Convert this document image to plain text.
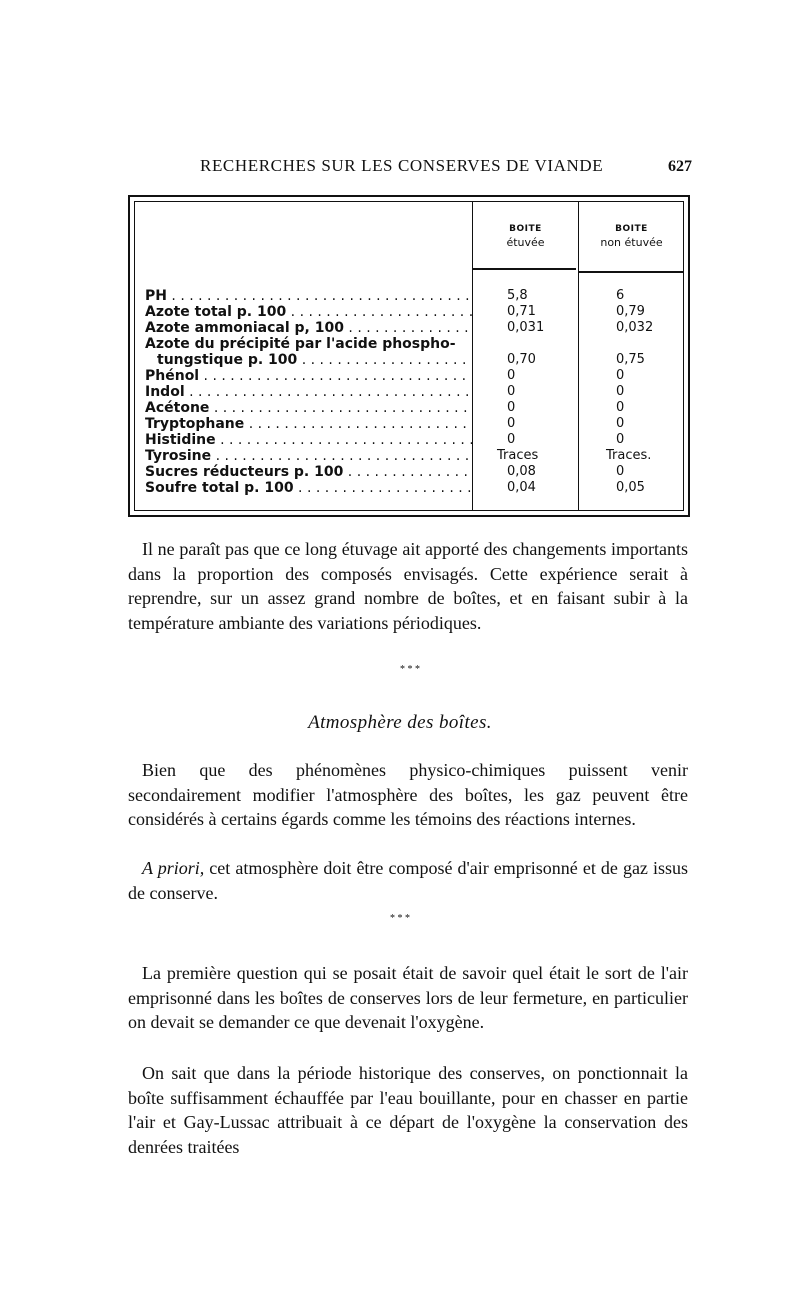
RECHERCHES SUR LES CONSERVES DE VIANDE	627
BOITE
étuvée
BOITE
non étuvée
PH . . .	5,8	6
Azote total p. 100 . . .	0,71	0,79
Azote ammoniacal p, 100 . . .	0,031	0,032
Azote du précipité par l'acide phospho-
tungstique p. 100 . . .	0,70	0,75
Phénol . . .	0	0
Indol . . .	0	0
Acétone . . .	0	0
Tryptophane . . .	0	0
Histidine . . .	0	0
Tyrosine . . .	Traces	Traces.
Sucres réducteurs p. 100 . . .	0,08	0
Soufre total p. 100 . . .	0,04	0,05
Il ne paraît pas que ce long étuvage ait apporté des changements importants dans la proportion des composés envisagés. Cette expérience serait à reprendre, sur un assez grand nombre de boîtes, et en faisant subir à la température ambiante des variations périodiques.
* * *
Atmosphère des boîtes.
Bien que des phénomènes physico-chimiques puissent venir secondairement modifier l'atmosphère des boîtes, les gaz peuvent être considérés à certains égards comme les témoins des réactions internes.
A priori, cet atmosphère doit être composé d'air emprisonné et de gaz issus de conserve.
* * *
La première question qui se posait était de savoir quel était le sort de l'air emprisonné dans les boîtes de conserves lors de leur fermeture, en particulier on devait se demander ce que devenait l'oxygène.
On sait que dans la période historique des conserves, on ponctionnait la boîte suffisamment échauffée par l'eau bouillante, pour en chasser en partie l'air et Gay-Lussac attribuait à ce départ de l'oxygène la conservation des denrées traitées
